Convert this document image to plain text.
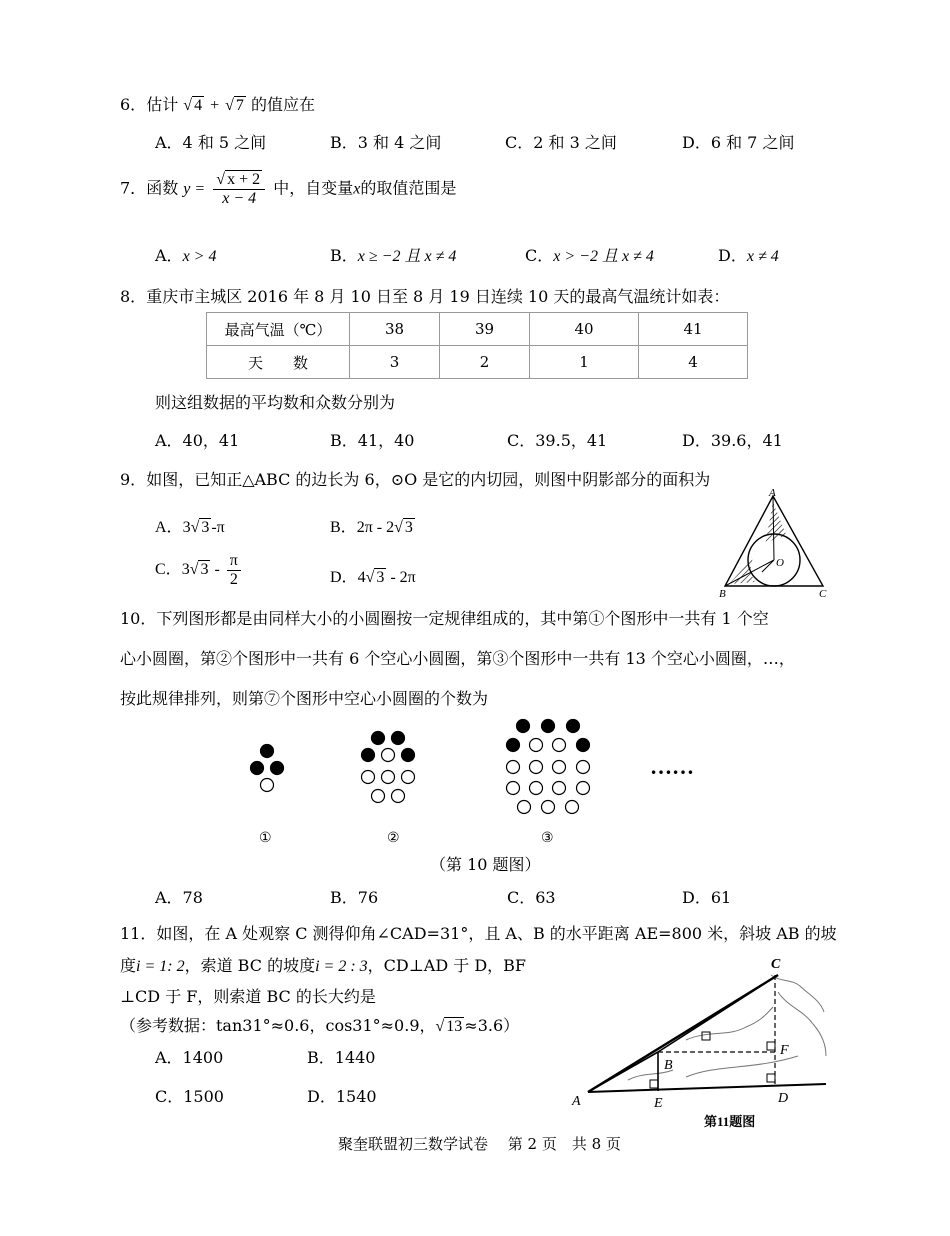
6．估计 √ 4 + √ 7 的值应在
A．4 和 5 之间	B．3 和 4 之间	C．2 和 3 之间	D．6 和 7 之间
7．函数 $y = \frac{√ x + 2}{x - 4}$ 中，自变量x的取值范围是
A．x > 4	B．x ≥ −2 且 x ≠ 4	C．x > −2 且 x ≠ 4	D．x ≠ 4
8．重庆市主城区 2016 年 8 月 10 日至 8 月 19 日连续 10 天的最高气温统计如表：
最高气温（℃）	38	39	40	41
天　　数	3	2	1	4
则这组数据的平均数和众数分别为
A．40，41	B．41，40	C．39.5，41	D．39.6，41
9．如图，已知正△ABC 的边长为 6，⊙O 是它的内切园，则图中阴影部分的面积为
A．3√ 3 -π	B．2π - 2√ 3
C．3√ $3 - \frac{\pi}{2}$	D．4√ 3 - 2π
A
B	C
O
10．下列图形都是由同样大小的小圆圈按一定规律组成的，其中第①个图形中一共有 1 个空
心小圆圈，第②个图形中一共有 6 个空心小圆圈，第③个图形中一共有 13 个空心小圆圈，…，
按此规律排列，则第⑦个图形中空心小圆圈的个数为
……
①	②	③
（第 10 题图）
A．78	B．76	C．63	D．61
11．如图，在 A 处观察 C 测得仰角∠CAD=31°，且 A、B 的水平距离 AE=800 米，斜坡 AB 的坡
度i = 1: 2，索道 BC 的坡度i = 2 : 3，CD⊥AD 于 D，BF
⊥CD 于 F，则索道 BC 的长大约是
（参考数据：tan31°≈0.6，cos31°≈0.9，√ 13 ≈3.6）
A．1400	B．1440
C．1500	D．1540	A
B
C
D
E
F
第11题图
聚奎联盟初三数学试卷　 第 2 页　共 8 页
